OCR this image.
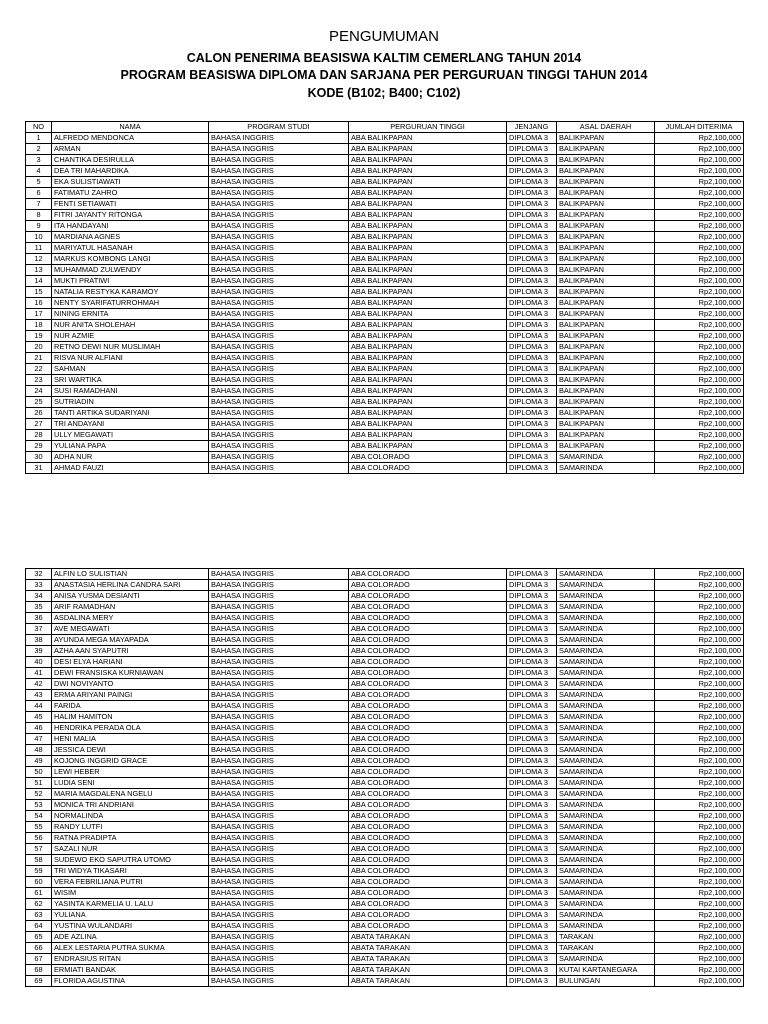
PENGUMUMAN
CALON PENERIMA BEASISWA KALTIM CEMERLANG TAHUN 2014
PROGRAM BEASISWA DIPLOMA DAN SARJANA PER PERGURUAN TINGGI TAHUN 2014
KODE (B102; B400; C102)
NO	NAMA	PROGRAM STUDI	PERGURUAN TINGGI	JENJANG	ASAL DAERAH	JUMLAH DITERIMA
1	ALFREDO MENDONCA	BAHASA INGGRIS	ABA BALIKPAPAN	DIPLOMA 3	BALIKPAPAN	Rp2,100,000
2	ARMAN	BAHASA INGGRIS	ABA BALIKPAPAN	DIPLOMA 3	BALIKPAPAN	Rp2,100,000
3	CHANTIKA DESIRULLA	BAHASA INGGRIS	ABA BALIKPAPAN	DIPLOMA 3	BALIKPAPAN	Rp2,100,000
4	DEA TRI MAHARDIKA	BAHASA INGGRIS	ABA BALIKPAPAN	DIPLOMA 3	BALIKPAPAN	Rp2,100,000
5	EKA SULISTIAWATI	BAHASA INGGRIS	ABA BALIKPAPAN	DIPLOMA 3	BALIKPAPAN	Rp2,100,000
6	FATIMATU ZAHRO	BAHASA INGGRIS	ABA BALIKPAPAN	DIPLOMA 3	BALIKPAPAN	Rp2,100,000
7	FENTI SETIAWATI	BAHASA INGGRIS	ABA BALIKPAPAN	DIPLOMA 3	BALIKPAPAN	Rp2,100,000
8	FITRI JAYANTY RITONGA	BAHASA INGGRIS	ABA BALIKPAPAN	DIPLOMA 3	BALIKPAPAN	Rp2,100,000
9	ITA HANDAYANI	BAHASA INGGRIS	ABA BALIKPAPAN	DIPLOMA 3	BALIKPAPAN	Rp2,100,000
10	MARDIANA AGNES	BAHASA INGGRIS	ABA BALIKPAPAN	DIPLOMA 3	BALIKPAPAN	Rp2,100,000
11	MARIYATUL HASANAH	BAHASA INGGRIS	ABA BALIKPAPAN	DIPLOMA 3	BALIKPAPAN	Rp2,100,000
12	MARKUS KOMBONG LANGI	BAHASA INGGRIS	ABA BALIKPAPAN	DIPLOMA 3	BALIKPAPAN	Rp2,100,000
13	MUHAMMAD ZULWENDY	BAHASA INGGRIS	ABA BALIKPAPAN	DIPLOMA 3	BALIKPAPAN	Rp2,100,000
14	MUKTI PRATIWI	BAHASA INGGRIS	ABA BALIKPAPAN	DIPLOMA 3	BALIKPAPAN	Rp2,100,000
15	NATALIA RESTYKA KARAMOY	BAHASA INGGRIS	ABA BALIKPAPAN	DIPLOMA 3	BALIKPAPAN	Rp2,100,000
16	NENTY SYARIFATURROHMAH	BAHASA INGGRIS	ABA BALIKPAPAN	DIPLOMA 3	BALIKPAPAN	Rp2,100,000
17	NINING ERNITA	BAHASA INGGRIS	ABA BALIKPAPAN	DIPLOMA 3	BALIKPAPAN	Rp2,100,000
18	NUR ANITA SHOLEHAH	BAHASA INGGRIS	ABA BALIKPAPAN	DIPLOMA 3	BALIKPAPAN	Rp2,100,000
19	NUR AZMIE	BAHASA INGGRIS	ABA BALIKPAPAN	DIPLOMA 3	BALIKPAPAN	Rp2,100,000
20	RETNO DEWI NUR MUSLIMAH	BAHASA INGGRIS	ABA BALIKPAPAN	DIPLOMA 3	BALIKPAPAN	Rp2,100,000
21	RISVA NUR ALFIANI	BAHASA INGGRIS	ABA BALIKPAPAN	DIPLOMA 3	BALIKPAPAN	Rp2,100,000
22	SAHMAN	BAHASA INGGRIS	ABA BALIKPAPAN	DIPLOMA 3	BALIKPAPAN	Rp2,100,000
23	SRI WARTIKA	BAHASA INGGRIS	ABA BALIKPAPAN	DIPLOMA 3	BALIKPAPAN	Rp2,100,000
24	SUSI RAMADHANI	BAHASA INGGRIS	ABA BALIKPAPAN	DIPLOMA 3	BALIKPAPAN	Rp2,100,000
25	SUTRIADIN	BAHASA INGGRIS	ABA BALIKPAPAN	DIPLOMA 3	BALIKPAPAN	Rp2,100,000
26	TANTI ARTIKA SUDARIYANI	BAHASA INGGRIS	ABA BALIKPAPAN	DIPLOMA 3	BALIKPAPAN	Rp2,100,000
27	TRI ANDAYANI	BAHASA INGGRIS	ABA BALIKPAPAN	DIPLOMA 3	BALIKPAPAN	Rp2,100,000
28	ULLY MEGAWATI	BAHASA INGGRIS	ABA BALIKPAPAN	DIPLOMA 3	BALIKPAPAN	Rp2,100,000
29	YULIANA PAPA	BAHASA INGGRIS	ABA BALIKPAPAN	DIPLOMA 3	BALIKPAPAN	Rp2,100,000
30	ADHA NUR	BAHASA INGGRIS	ABA COLORADO	DIPLOMA 3	SAMARINDA	Rp2,100,000
31	AHMAD FAUZI	BAHASA INGGRIS	ABA COLORADO	DIPLOMA 3	SAMARINDA	Rp2,100,000
32	ALFIN LO SULISTIAN	BAHASA INGGRIS	ABA COLORADO	DIPLOMA 3	SAMARINDA	Rp2,100,000
33	ANASTASIA HERLINA CANDRA SARI	BAHASA INGGRIS	ABA COLORADO	DIPLOMA 3	SAMARINDA	Rp2,100,000
34	ANISA YUSMA DESIANTI	BAHASA INGGRIS	ABA COLORADO	DIPLOMA 3	SAMARINDA	Rp2,100,000
35	ARIF RAMADHAN	BAHASA INGGRIS	ABA COLORADO	DIPLOMA 3	SAMARINDA	Rp2,100,000
36	ASDALINA MERY	BAHASA INGGRIS	ABA COLORADO	DIPLOMA 3	SAMARINDA	Rp2,100,000
37	AVE MEGAWATI	BAHASA INGGRIS	ABA COLORADO	DIPLOMA 3	SAMARINDA	Rp2,100,000
38	AYUNDA MEGA MAYAPADA	BAHASA INGGRIS	ABA COLORADO	DIPLOMA 3	SAMARINDA	Rp2,100,000
39	AZHA AAN SYAPUTRI	BAHASA INGGRIS	ABA COLORADO	DIPLOMA 3	SAMARINDA	Rp2,100,000
40	DESI ELYA HARIANI	BAHASA INGGRIS	ABA COLORADO	DIPLOMA 3	SAMARINDA	Rp2,100,000
41	DEWI FRANSISKA KURNIAWAN	BAHASA INGGRIS	ABA COLORADO	DIPLOMA 3	SAMARINDA	Rp2,100,000
42	DWI NOVIYANTO	BAHASA INGGRIS	ABA COLORADO	DIPLOMA 3	SAMARINDA	Rp2,100,000
43	ERMA ARIYANI PAINGI	BAHASA INGGRIS	ABA COLORADO	DIPLOMA 3	SAMARINDA	Rp2,100,000
44	FARIDA	BAHASA INGGRIS	ABA COLORADO	DIPLOMA 3	SAMARINDA	Rp2,100,000
45	HALIM HAMITON	BAHASA INGGRIS	ABA COLORADO	DIPLOMA 3	SAMARINDA	Rp2,100,000
46	HENDRIKA PERADA OLA	BAHASA INGGRIS	ABA COLORADO	DIPLOMA 3	SAMARINDA	Rp2,100,000
47	HENI MALIA	BAHASA INGGRIS	ABA COLORADO	DIPLOMA 3	SAMARINDA	Rp2,100,000
48	JESSICA DEWI	BAHASA INGGRIS	ABA COLORADO	DIPLOMA 3	SAMARINDA	Rp2,100,000
49	KOJONG INGGRID GRACE	BAHASA INGGRIS	ABA COLORADO	DIPLOMA 3	SAMARINDA	Rp2,100,000
50	LEWI HEBER	BAHASA INGGRIS	ABA COLORADO	DIPLOMA 3	SAMARINDA	Rp2,100,000
51	LUDIA SENI	BAHASA INGGRIS	ABA COLORADO	DIPLOMA 3	SAMARINDA	Rp2,100,000
52	MARIA MAGDALENA NGELU	BAHASA INGGRIS	ABA COLORADO	DIPLOMA 3	SAMARINDA	Rp2,100,000
53	MONICA TRI ANDRIANI	BAHASA INGGRIS	ABA COLORADO	DIPLOMA 3	SAMARINDA	Rp2,100,000
54	NORMALINDA	BAHASA INGGRIS	ABA COLORADO	DIPLOMA 3	SAMARINDA	Rp2,100,000
55	RANDY LUTFI	BAHASA INGGRIS	ABA COLORADO	DIPLOMA 3	SAMARINDA	Rp2,100,000
56	RATNA PRADIPTA	BAHASA INGGRIS	ABA COLORADO	DIPLOMA 3	SAMARINDA	Rp2,100,000
57	SAZALI NUR	BAHASA INGGRIS	ABA COLORADO	DIPLOMA 3	SAMARINDA	Rp2,100,000
58	SUDEWO EKO SAPUTRA UTOMO	BAHASA INGGRIS	ABA COLORADO	DIPLOMA 3	SAMARINDA	Rp2,100,000
59	TRI WIDYA TIKASARI	BAHASA INGGRIS	ABA COLORADO	DIPLOMA 3	SAMARINDA	Rp2,100,000
60	VERA FEBRILIANA PUTRI	BAHASA INGGRIS	ABA COLORADO	DIPLOMA 3	SAMARINDA	Rp2,100,000
61	WISIM	BAHASA INGGRIS	ABA COLORADO	DIPLOMA 3	SAMARINDA	Rp2,100,000
62	YASINTA KARMELIA U. LALU	BAHASA INGGRIS	ABA COLORADO	DIPLOMA 3	SAMARINDA	Rp2,100,000
63	YULIANA	BAHASA INGGRIS	ABA COLORADO	DIPLOMA 3	SAMARINDA	Rp2,100,000
64	YUSTINA WULANDARI	BAHASA INGGRIS	ABA COLORADO	DIPLOMA 3	SAMARINDA	Rp2,100,000
65	ADE AZLINA	BAHASA INGGRIS	ABATA TARAKAN	DIPLOMA 3	TARAKAN	Rp2,100,000
66	ALEX LESTARIA PUTRA SUKMA	BAHASA INGGRIS	ABATA TARAKAN	DIPLOMA 3	TARAKAN	Rp2,100,000
67	ENDRASIUS RITAN	BAHASA INGGRIS	ABATA TARAKAN	DIPLOMA 3	SAMARINDA	Rp2,100,000
68	ERMIATI BANDAK	BAHASA INGGRIS	ABATA TARAKAN	DIPLOMA 3	KUTAI KARTANEGARA	Rp2,100,000
69	FLORIDA AGUSTINA	BAHASA INGGRIS	ABATA TARAKAN	DIPLOMA 3	BULUNGAN	Rp2,100,000
